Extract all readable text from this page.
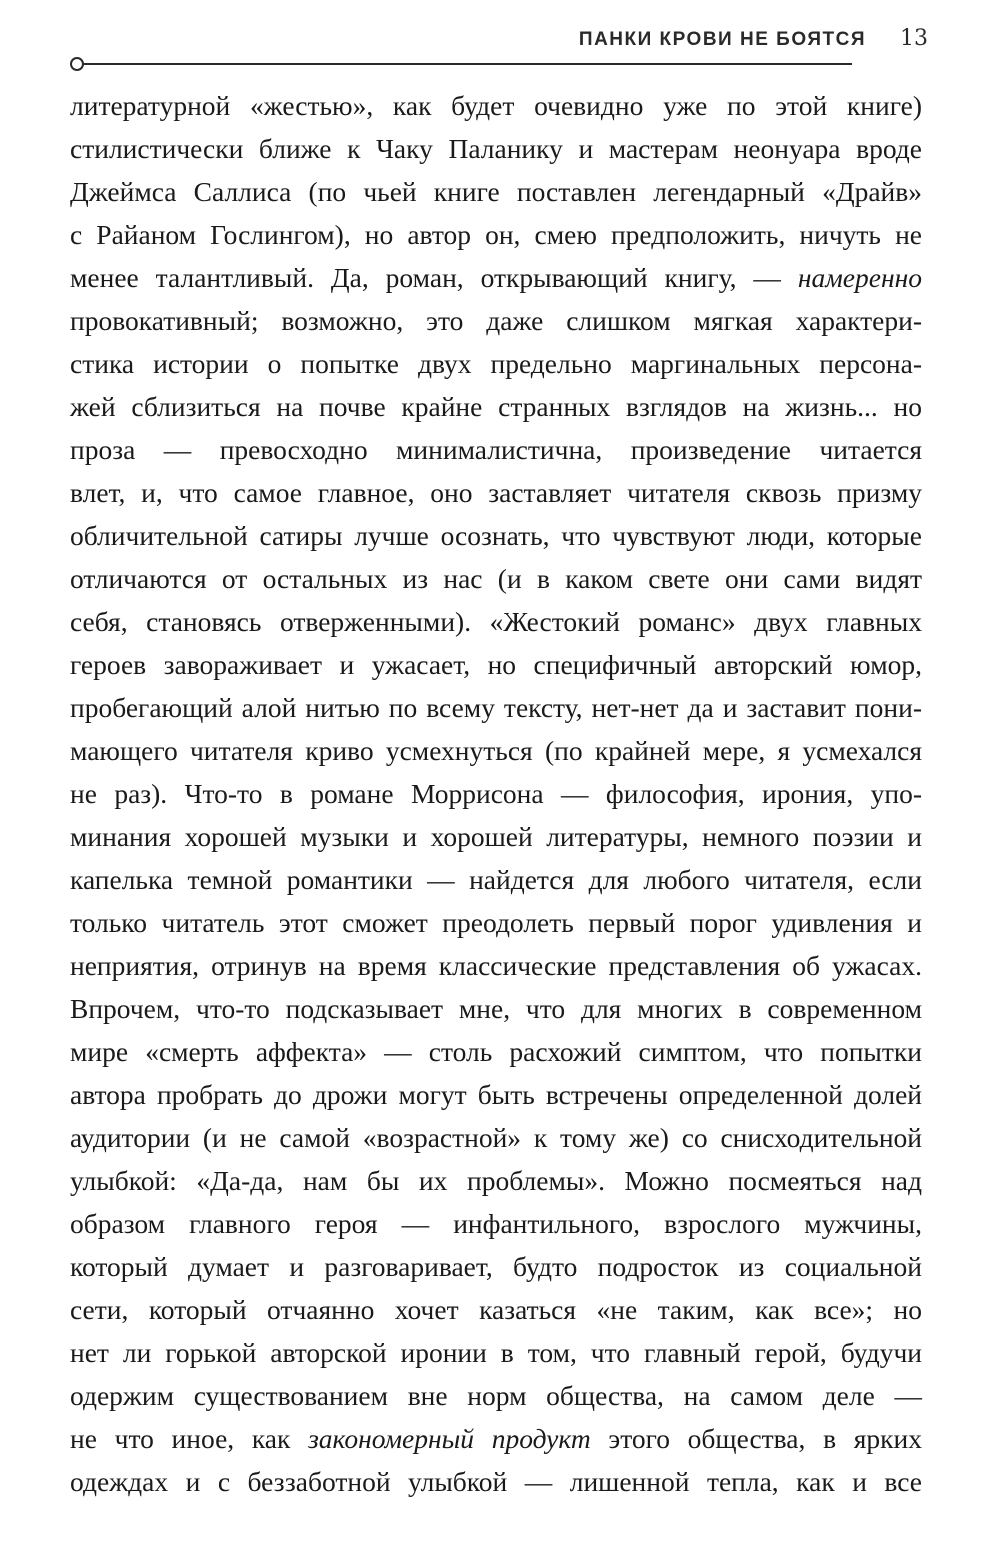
ПАНКИ КРОВИ НЕ БОЯТСЯ 13
литературной «жестью», как будет очевидно уже по этой книге)
стилистически ближе к Чаку Паланику и мастерам неонуара вроде
Джеймса Саллиса (по чьей книге поставлен легендарный «Драйв»
с Райаном Гослингом), но автор он, смею предположить, ничуть не
менее талантливый. Да, роман, открывающий книгу, — намеренно
провокативный; возможно, это даже слишком мягкая характери-
стика истории о попытке двух предельно маргинальных персона-
жей сблизиться на почве крайне странных взглядов на жизнь... но
проза — превосходно минималистична, произведение читается
влет, и, что самое главное, оно заставляет читателя сквозь призму
обличительной сатиры лучше осознать, что чувствуют люди, которые
отличаются от остальных из нас (и в каком свете они сами видят
себя, становясь отверженными). «Жестокий романс» двух главных
героев завораживает и ужасает, но специфичный авторский юмор,
пробегающий алой нитью по всему тексту, нет-нет да и заставит пони-
мающего читателя криво усмехнуться (по крайней мере, я усмехался
не раз). Что-то в романе Моррисона — философия, ирония, упо-
минания хорошей музыки и хорошей литературы, немного поэзии и
капелька темной романтики — найдется для любого читателя, если
только читатель этот сможет преодолеть первый порог удивления и
неприятия, отринув на время классические представления об ужасах.
Впрочем, что-то подсказывает мне, что для многих в современном
мире «смерть аффекта» — столь расхожий симптом, что попытки
автора пробрать до дрожи могут быть встречены определенной долей
аудитории (и не самой «возрастной» к тому же) со снисходительной
улыбкой: «Да-да, нам бы их проблемы». Можно посмеяться над
образом главного героя — инфантильного, взрослого мужчины,
который думает и разговаривает, будто подросток из социальной
сети, который отчаянно хочет казаться «не таким, как все»; но
нет ли горькой авторской иронии в том, что главный герой, будучи
одержим существованием вне норм общества, на самом деле —
не что иное, как закономерный продукт этого общества, в ярких
одеждах и с беззаботной улыбкой — лишенной тепла, как и все
